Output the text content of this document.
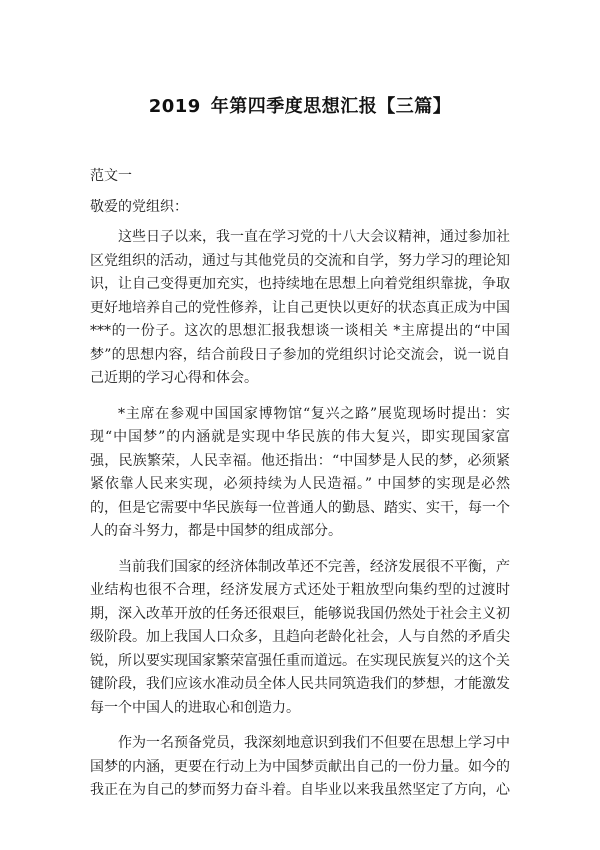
2019 年第四季度思想汇报【三篇】
范文一
敬爱的党组织：

这些日子以来，我一直在学习党的十八大会议精神，通过参加社区党组织的活动，通过与其他党员的交流和自学，努力学习的理论知识，让自己变得更加充实，也持续地在思想上向着党组织靠拢，争取更好地培养自己的党性修养，让自己更快以更好的状态真正成为中国***的一份子。这次的思想汇报我想谈一谈相关 *主席提出的“中国梦”的思想内容，结合前段日子参加的党组织讨论交流会，说一说自己近期的学习心得和体会。

*主席在参观中国国家博物馆“复兴之路”展览现场时提出：实现“中国梦”的内涵就是实现中华民族的伟大复兴，即实现国家富强，民族繁荣，人民幸福。他还指出：“中国梦是人民的梦，必须紧紧依靠人民来实现，必须持续为人民造福。” 中国梦的实现是必然的，但是它需要中华民族每一位普通人的勤恳、踏实、实干，每一个人的奋斗努力，都是中国梦的组成部分。

当前我们国家的经济体制改革还不完善，经济发展很不平衡，产业结构也很不合理，经济发展方式还处于粗放型向集约型的过渡时期，深入改革开放的任务还很艰巨，能够说我国仍然处于社会主义初级阶段。加上我国人口众多，且趋向老龄化社会，人与自然的矛盾尖锐，所以要实现国家繁荣富强任重而道远。在实现民族复兴的这个关键阶段，我们应该水准动员全体人民共同筑造我们的梦想，才能激发每一个中国人的进取心和创造力。

作为一名预备党员，我深刻地意识到我们不但要在思想上学习中国梦的内涵，更要在行动上为中国梦贡献出自己的一份力量。如今的我正在为自己的梦而努力奋斗着。自毕业以来我虽然坚定了方向，心
